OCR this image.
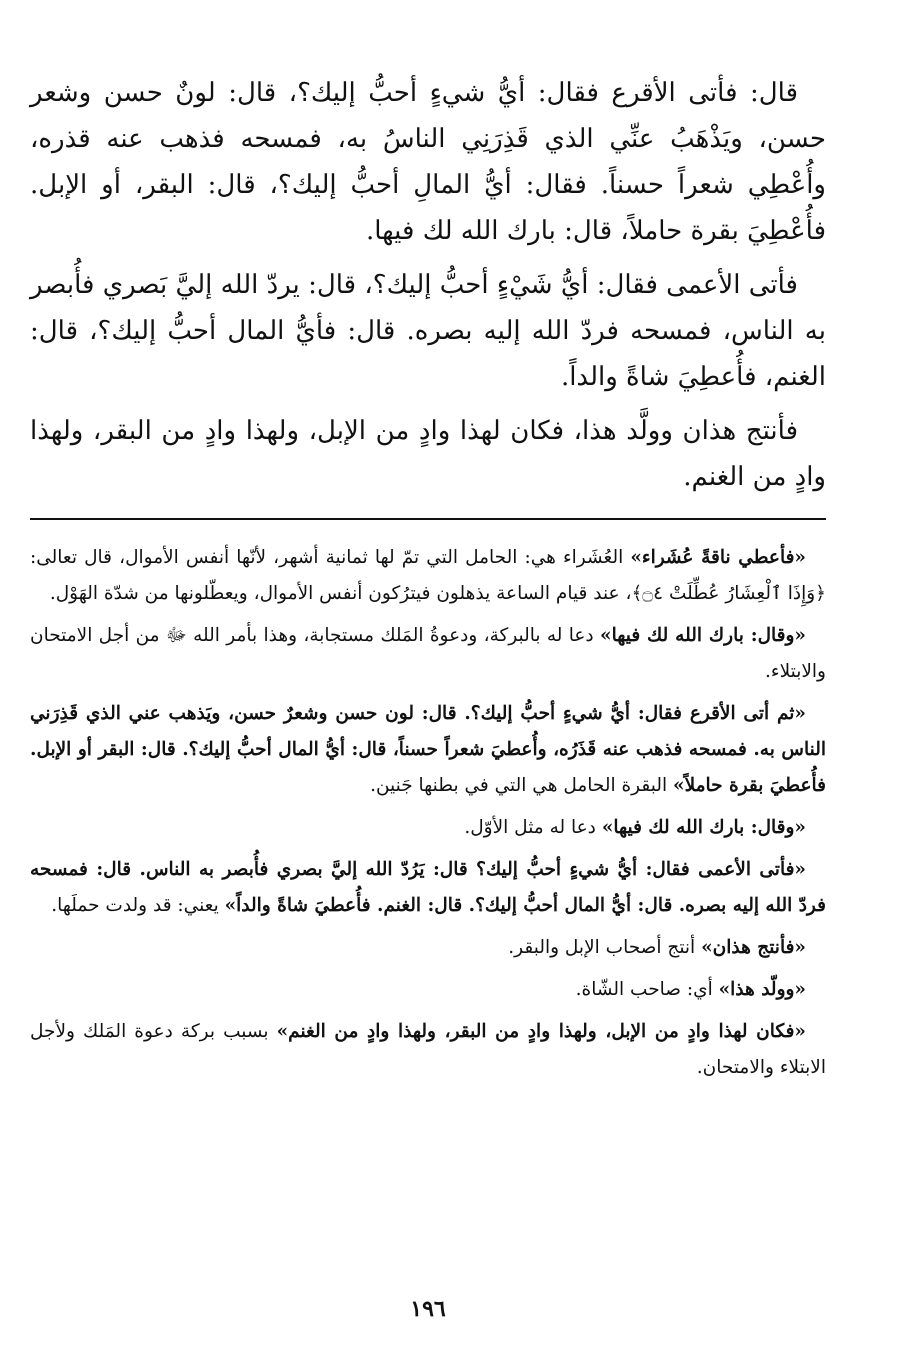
قال: فأتى الأقرع فقال: أيُّ شيءٍ أحبُّ إليك؟، قال: لونٌ حسن وشعر حسن، ويَذْهَبُ عنِّي الذي قَذِرَنِي الناسُ به، فمسحه فذهب عنه قذره، وأُعْطِي شعراً حسناً. فقال: أيُّ المالِ أحبُّ إليك؟، قال: البقر، أو الإبل. فأُعْطِيَ بقرة حاملاً، قال: بارك الله لك فيها.

فأتى الأعمى فقال: أيُّ شَيْءٍ أحبُّ إليك؟، قال: يردّ الله إليَّ بَصري فأُبصر به الناس، فمسحه فردّ الله إليه بصره. قال: فأيُّ المال أحبُّ إليك؟، قال: الغنم، فأُعطِيَ شاةً والداً.

فأنتج هذان وولَّد هذا، فكان لهذا وادٍ من الإبل، ولهذا وادٍ من البقر، ولهذا وادٍ من الغنم.

«فأعطي ناقةً عُشَراء» العُشَراء هي: الحامل التي تمّ لها ثمانية أشهر، لأنّها أنفس الأموال، قال تعالى: ﴿وَإِذَا ٱلْعِشَارُ عُطِّلَتْ ۝٤﴾، عند قيام الساعة يذهلون فيترُكون أنفس الأموال، ويعطّلونها من شدّة الهَوْل.

«وقال: بارك الله لك فيها» دعا له بالبركة، ودعوةُ المَلك مستجابة، وهذا بأمر الله ﷻ من أجل الامتحان والابتلاء.

«ثم أتى الأقرع فقال: أيُّ شيءٍ أحبُّ إليك؟. قال: لون حسن وشعرٌ حسن، ويَذهب عني الذي قَذِرَني الناس به. فمسحه فذهب عنه قَذَرُه، وأُعطيَ شعراً حسناً، قال: أيُّ المال أحبُّ إليك؟. قال: البقر أو الإبل. فأُعطيَ بقرة حاملاً» البقرة الحامل هي التي في بطنها جَنين.

«وقال: بارك الله لك فيها» دعا له مثل الأوّل.

«فأتى الأعمى فقال: أيُّ شيءٍ أحبُّ إليك؟ قال: يَرُدّ الله إليَّ بصري فأُبصر به الناس. قال: فمسحه فردّ الله إليه بصره. قال: أيُّ المال أحبُّ إليك؟. قال: الغنم. فأُعطيَ شاةً والداً» يعني: قد ولدت حملَها.

«فأنتج هذان» أنتج أصحاب الإبل والبقر.

«وولّد هذا» أي: صاحب الشّاة.

«فكان لهذا وادٍ من الإبل، ولهذا وادٍ من البقر، ولهذا وادٍ من الغنم» بسبب بركة دعوة المَلك ولأجل الابتلاء والامتحان.

١٩٦
